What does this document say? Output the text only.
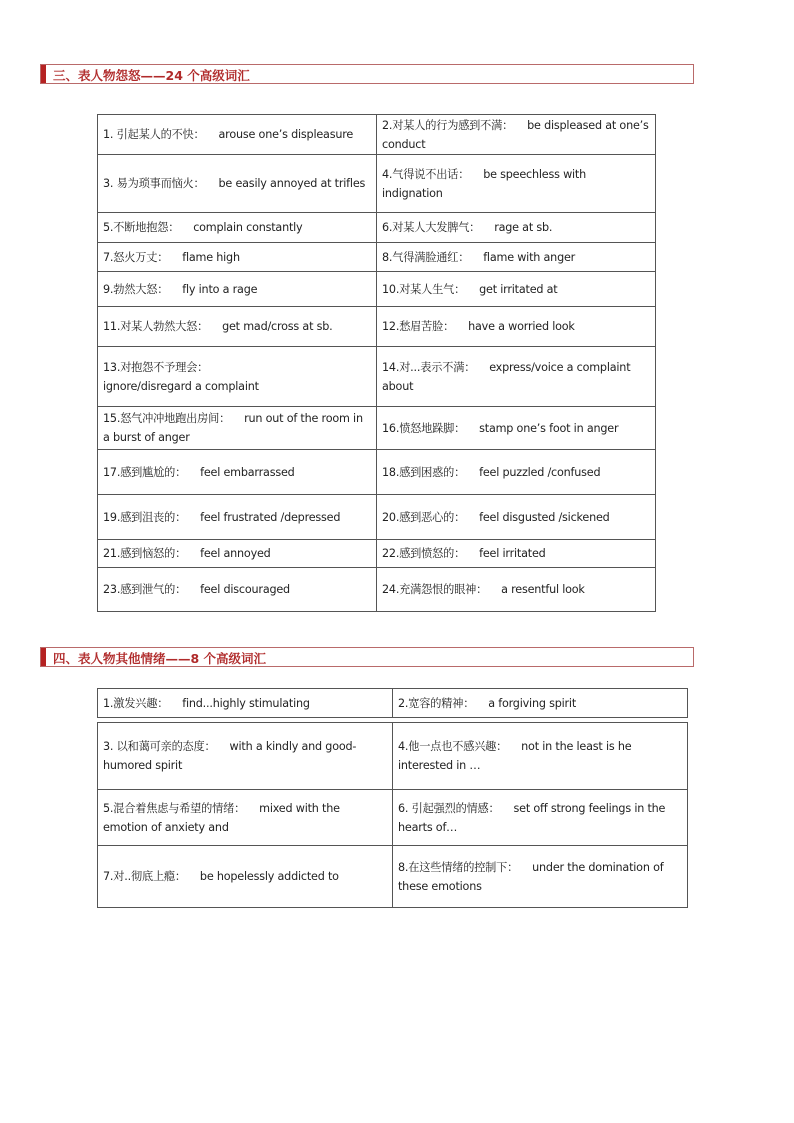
三、表人物怨怒——24 个高级词汇
1. 引起某人的不快： arouse one’s displeasure	2.对某人的行为感到不满： be displeased at one’s conduct
3. 易为琐事而恼火： be easily annoyed at trifles	4.气得说不出话： be speechless with indignation
5.不断地抱怨： complain constantly	6.对某人大发脾气： rage at sb.
7.怒火万丈： flame high	8.气得满脸通红： flame with anger
9.勃然大怒： fly into a rage	10.对某人生气： get irritated at
11.对某人勃然大怒： get mad/cross at sb.	12.愁眉苦脸： have a worried look
13.对抱怨不予理会：
ignore/disregard a complaint	14.对...表示不满： express/voice a complaint about
15.怒气冲冲地跑出房间： run out of the room in a burst of anger	16.愤怒地跺脚： stamp one’s foot in anger
17.感到尴尬的： feel embarrassed	18.感到困惑的： feel puzzled /confused
19.感到沮丧的： feel frustrated /depressed	20.感到恶心的： feel disgusted /sickened
21.感到恼怒的： feel annoyed	22.感到愤怒的： feel irritated
23.感到泄气的： feel discouraged	24.充满怨恨的眼神： a resentful look
四、表人物其他情绪——8 个高级词汇
1.激发兴趣： find...highly stimulating	2.宽容的精神： a forgiving spirit
3. 以和蔼可亲的态度： with a kindly and good-humored spirit	4.他一点也不感兴趣： not in the least is he interested in …
5.混合着焦虑与希望的情绪： mixed with the emotion of anxiety and	6. 引起强烈的情感： set off strong feelings in the hearts of…
7.对..彻底上瘾： be hopelessly addicted to	8.在这些情绪的控制下： under the domination of these emotions
